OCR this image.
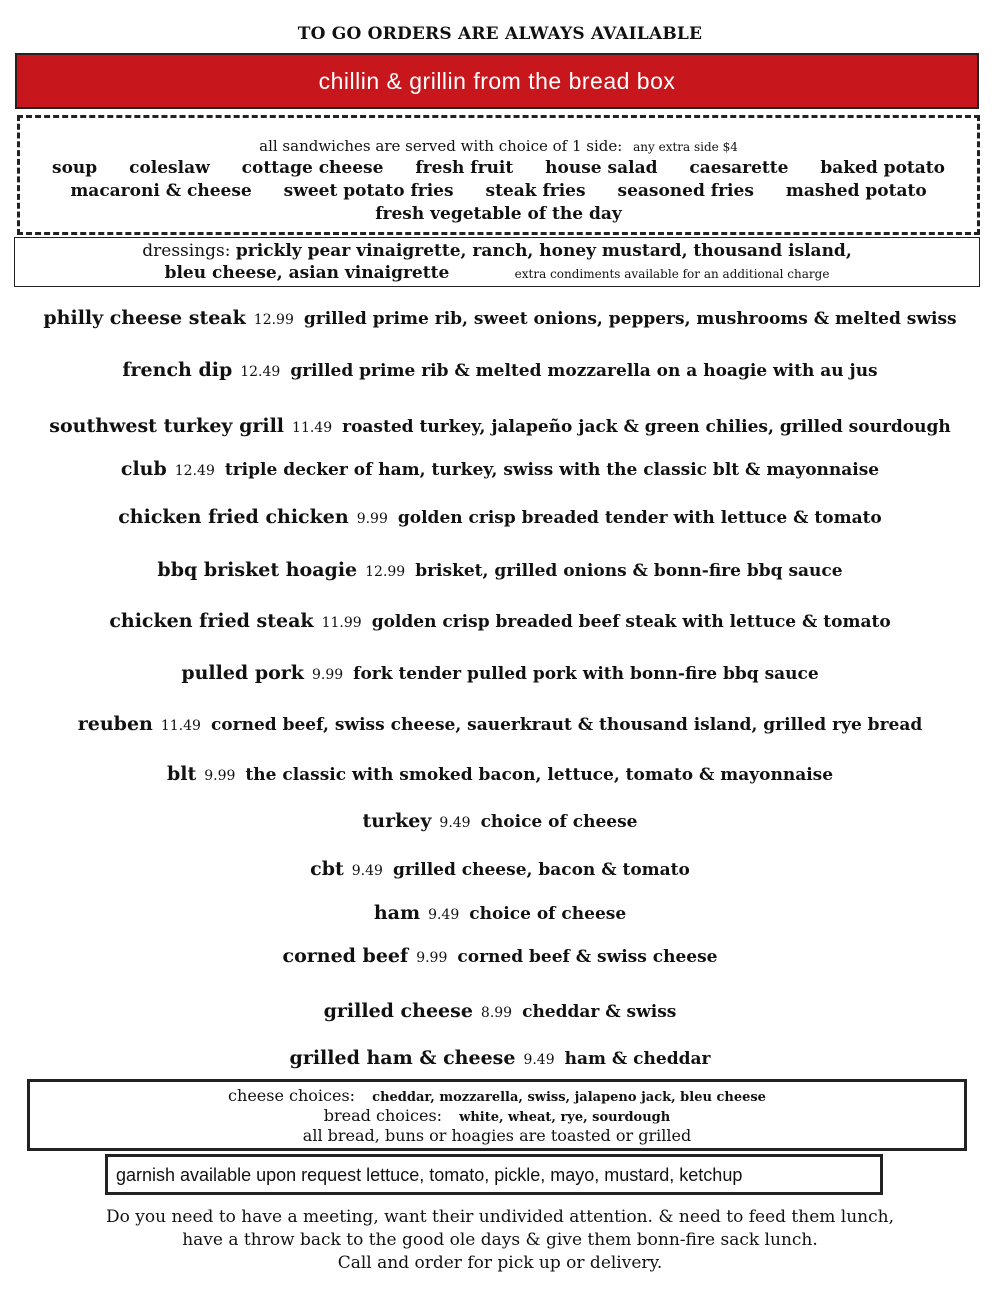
TO GO ORDERS ARE ALWAYS AVAILABLE
chillin & grillin from the bread box
all sandwiches are served with choice of 1 side: any extra side $4
soup coleslaw cottage cheese fresh fruit house salad caesarette baked potato
macaroni & cheese sweet potato fries steak fries seasoned fries mashed potato
fresh vegetable of the day
dressings: prickly pear vinaigrette, ranch, honey mustard, thousand island,
bleu cheese, asian vinaigrette	extra condiments available for an additional charge
philly cheese steak 12.99 grilled prime rib, sweet onions, peppers, mushrooms & melted swiss
french dip 12.49 grilled prime rib & melted mozzarella on a hoagie with au jus
southwest turkey grill 11.49 roasted turkey, jalapeño jack & green chilies, grilled sourdough
club 12.49 triple decker of ham, turkey, swiss with the classic blt & mayonnaise
chicken fried chicken 9.99 golden crisp breaded tender with lettuce & tomato
bbq brisket hoagie 12.99 brisket, grilled onions & bonn-fire bbq sauce
chicken fried steak 11.99 golden crisp breaded beef steak with lettuce & tomato
pulled pork 9.99 fork tender pulled pork with bonn-fire bbq sauce
reuben 11.49 corned beef, swiss cheese, sauerkraut & thousand island, grilled rye bread
blt 9.99 the classic with smoked bacon, lettuce, tomato & mayonnaise
turkey 9.49 choice of cheese
cbt 9.49 grilled cheese, bacon & tomato
ham 9.49 choice of cheese
corned beef 9.99 corned beef & swiss cheese
grilled cheese 8.99 cheddar & swiss
grilled ham & cheese 9.49 ham & cheddar
cheese choices: cheddar, mozzarella, swiss, jalapeno jack, bleu cheese
bread choices: white, wheat, rye, sourdough
all bread, buns or hoagies are toasted or grilled
garnish available upon request lettuce, tomato, pickle, mayo, mustard, ketchup
Do you need to have a meeting, want their undivided attention. & need to feed them lunch,
have a throw back to the good ole days & give them bonn-fire sack lunch.
Call and order for pick up or delivery.
